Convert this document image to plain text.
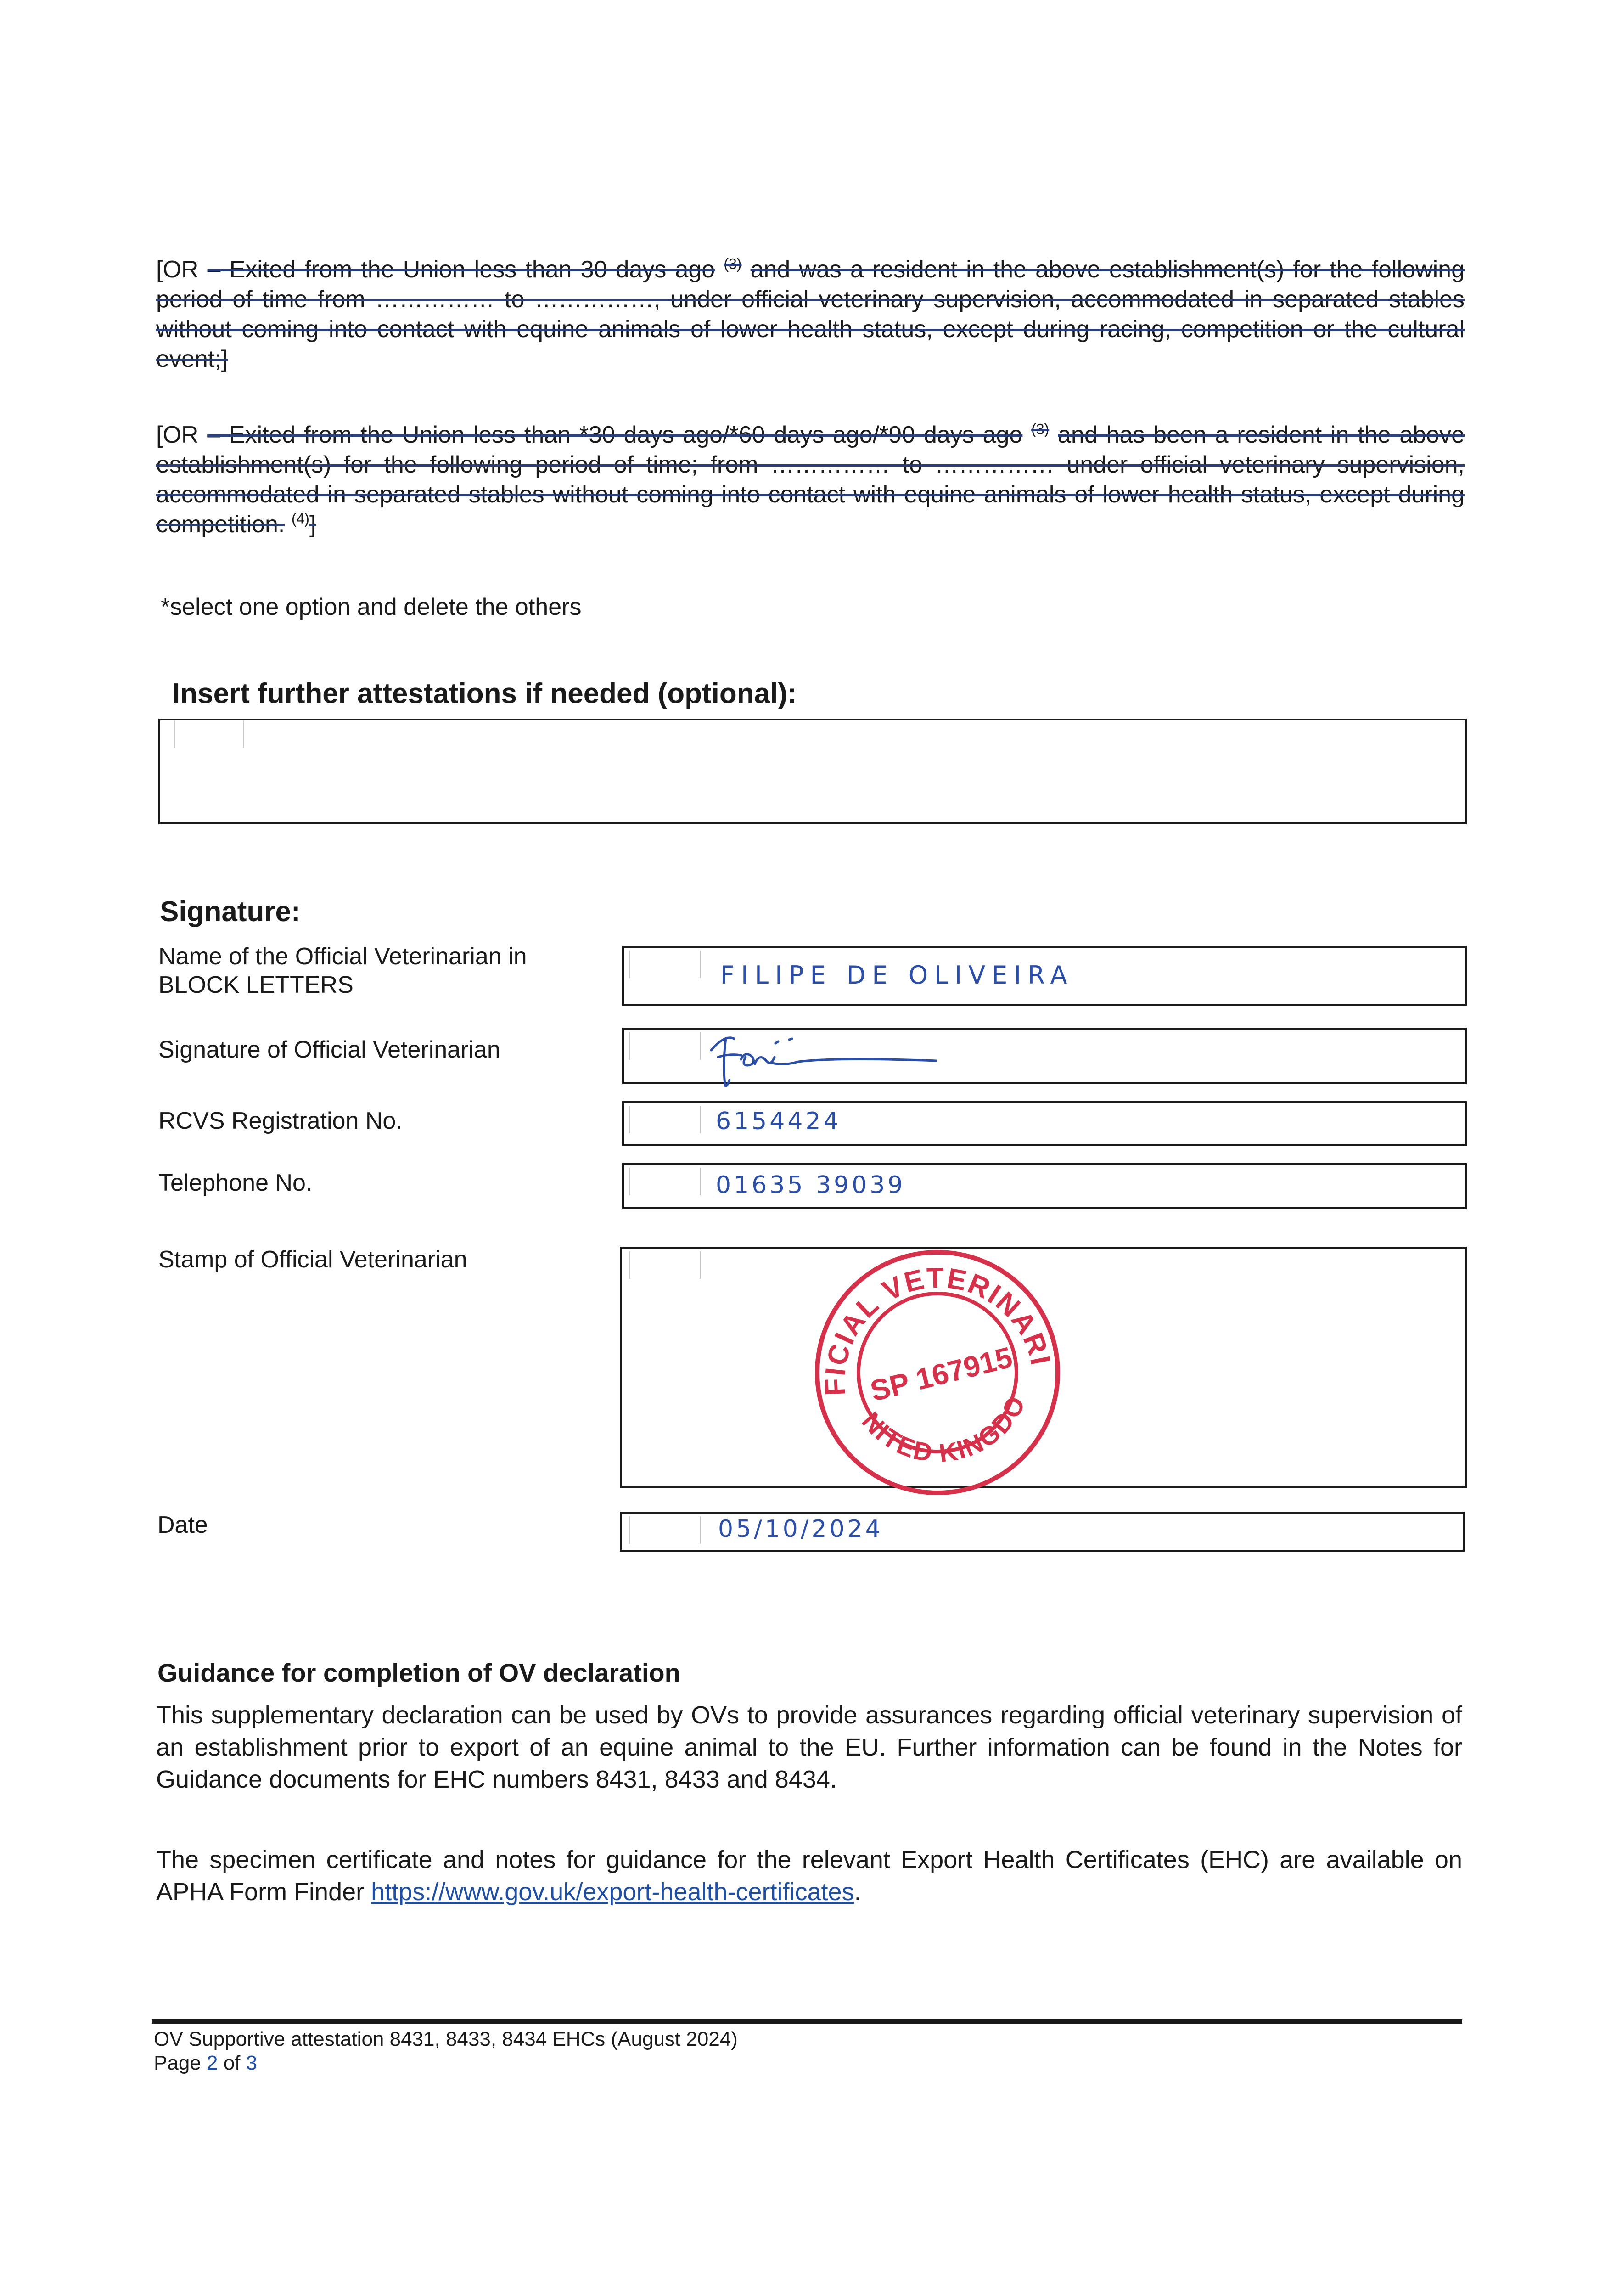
[OR – Exited from the Union less than 30 days ago $^{(3)}$ and was a resident in the above establishment(s) for the following period of time from …………… to ……………, under official veterinary supervision, accommodated in separated stables without coming into contact with equine animals of lower health status, except during racing, competition or the cultural event;]
[OR – Exited from the Union less than *30 days ago/*60 days ago/*90 days ago $^{(3)}$ and has been a resident in the above establishment(s) for the following period of time; from …………… to …………… under official veterinary supervision, accommodated in separated stables without coming into contact with equine animals of lower health status, except during competition. $^{(4)}$]
*select one option and delete the others
Insert further attestations if needed (optional):
Signature:
Name of the Official Veterinarian in BLOCK LETTERS	FILIPE DE OLIVEIRA
Signature of Official Veterinarian
RCVS Registration No.	6154424
Telephone No.	01635 39039
Stamp of Official Veterinarian	OFFICIAL VETERINARIAN
UNITED KINGDOM
SP 167915
Date	05/10/2024
Guidance for completion of OV declaration
This supplementary declaration can be used by OVs to provide assurances regarding official veterinary supervision of an establishment prior to export of an equine animal to the EU. Further information can be found in the Notes for Guidance documents for EHC numbers 8431, 8433 and 8434.
The specimen certificate and notes for guidance for the relevant Export Health Certificates (EHC) are available on APHA Form Finder https://www.gov.uk/export-health-certificates.
OV Supportive attestation 8431, 8433, 8434 EHCs (August 2024)
Page 2 of 3
